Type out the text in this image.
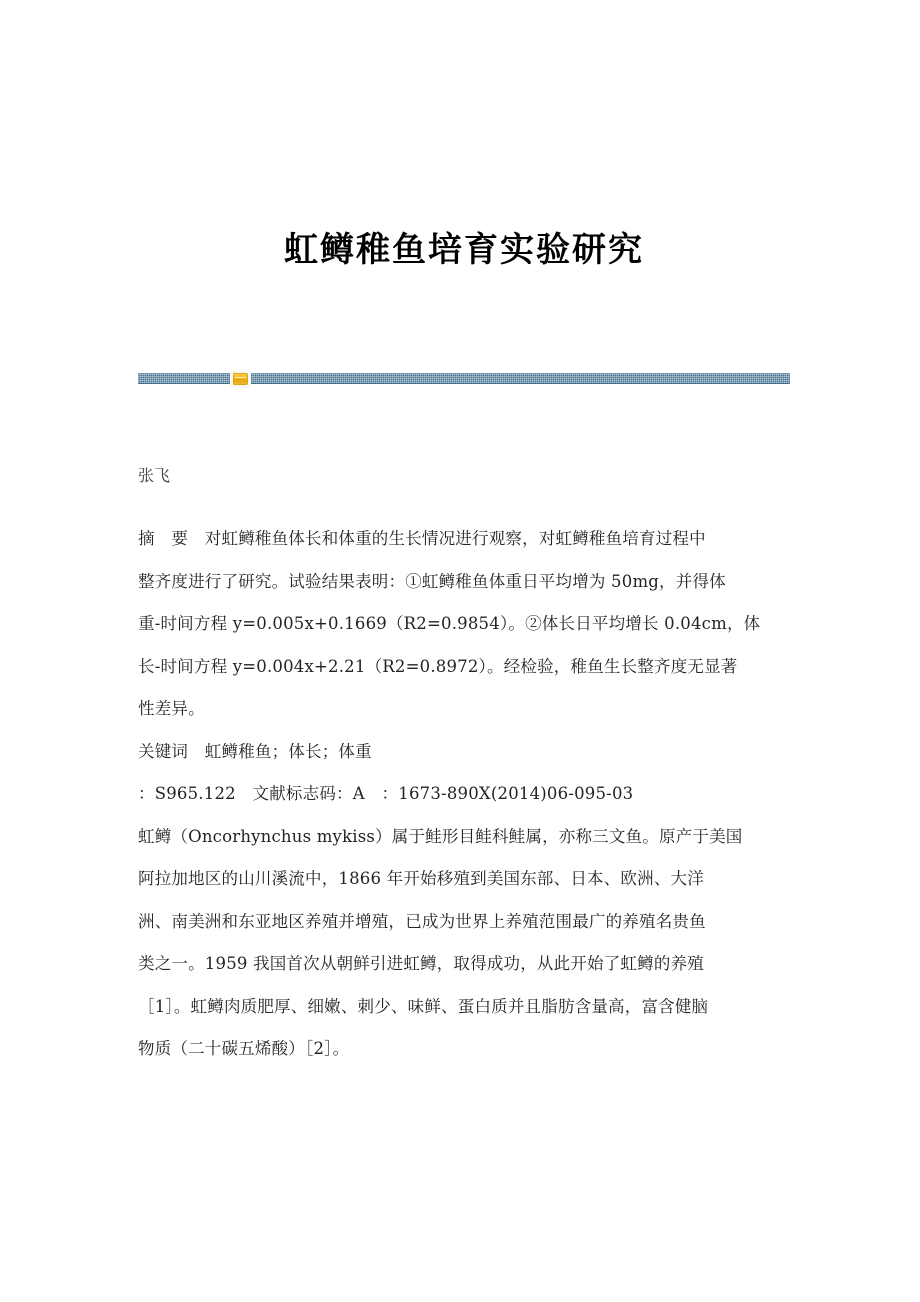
虹鳟稚鱼培育实验研究
张飞
摘　要　对虹鳟稚鱼体长和体重的生长情况进行观察，对虹鳟稚鱼培育过程中
整齐度进行了研究。试验结果表明：①虹鳟稚鱼体重日平均增为 50mg，并得体
重-时间方程 y=0.005x+0.1669（R2=0.9854）。②体长日平均增长 0.04cm，体
长-时间方程 y=0.004x+2.21（R2=0.8972）。经检验，稚鱼生长整齐度无显著
性差异。
关键词　虹鳟稚鱼；体长；体重
：S965.122　文献标志码：A　：1673-890X(2014)06-095-03
虹鳟（Oncorhynchus mykiss）属于鲑形目鲑科鲑属，亦称三文鱼。原产于美国
阿拉加地区的山川溪流中，1866 年开始移殖到美国东部、日本、欧洲、大洋
洲、南美洲和东亚地区养殖并增殖，已成为世界上养殖范围最广的养殖名贵鱼
类之一。1959 我国首次从朝鲜引进虹鳟，取得成功，从此开始了虹鳟的养殖
［1］。虹鳟肉质肥厚、细嫩、刺少、味鲜、蛋白质并且脂肪含量高，富含健脑
物质（二十碳五烯酸）［2］。
